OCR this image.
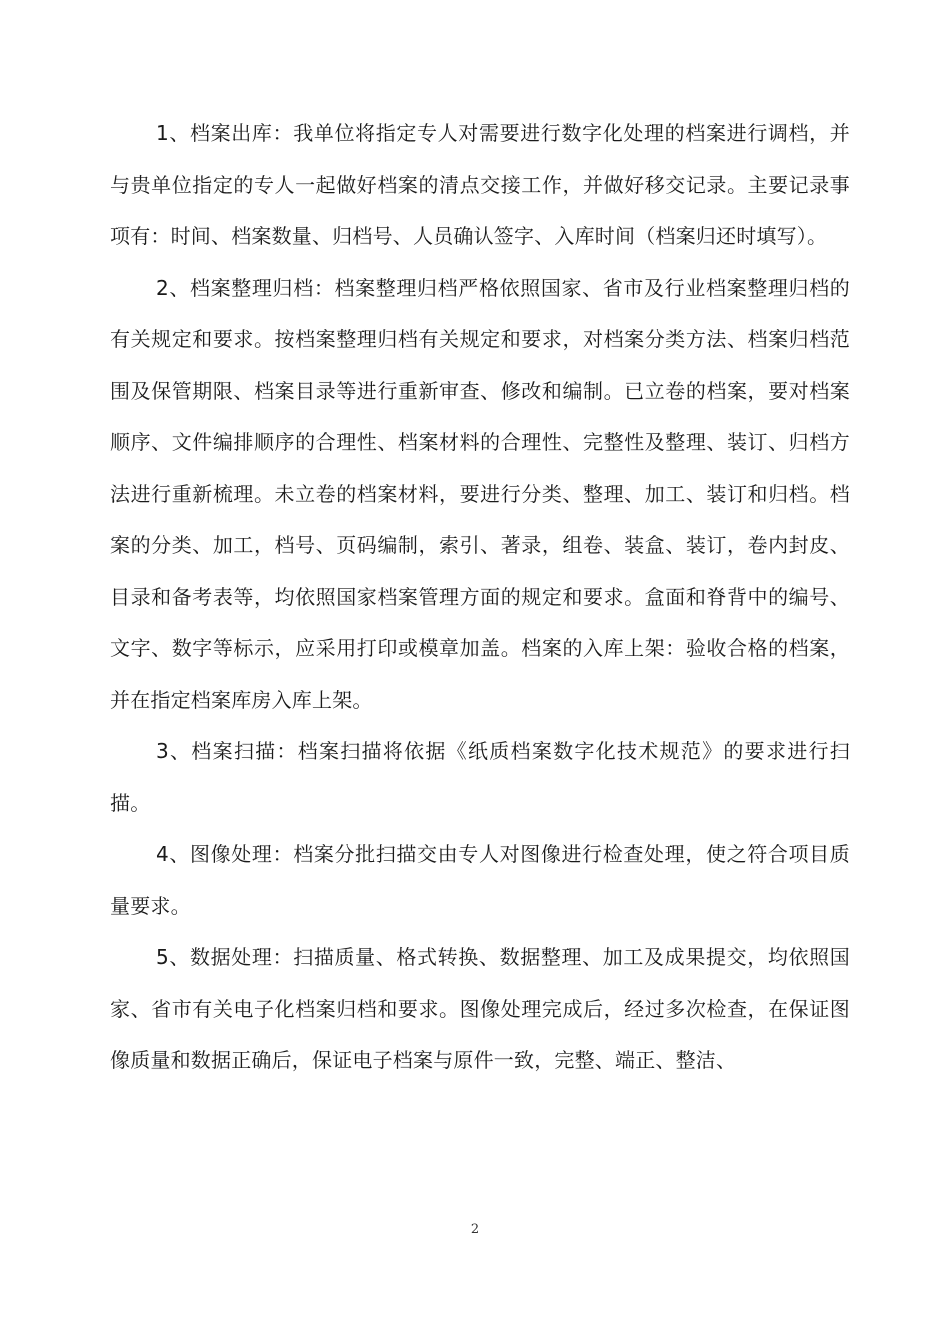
1、档案出库：我单位将指定专人对需要进行数字化处理的档案进行调档，并与贵单位指定的专人一起做好档案的清点交接工作，并做好移交记录。主要记录事项有：时间、档案数量、归档号、人员确认签字、入库时间（档案归还时填写）。

2、档案整理归档：档案整理归档严格依照国家、省市及行业档案整理归档的有关规定和要求。按档案整理归档有关规定和要求，对档案分类方法、档案归档范围及保管期限、档案目录等进行重新审查、修改和编制。已立卷的档案，要对档案顺序、文件编排顺序的合理性、档案材料的合理性、完整性及整理、装订、归档方法进行重新梳理。未立卷的档案材料，要进行分类、整理、加工、装订和归档。档案的分类、加工，档号、页码编制，索引、著录，组卷、装盒、装订，卷内封皮、目录和备考表等，均依照国家档案管理方面的规定和要求。盒面和脊背中的编号、文字、数字等标示，应采用打印或模章加盖。档案的入库上架：验收合格的档案，并在指定档案库房入库上架。

3、档案扫描：档案扫描将依据《纸质档案数字化技术规范》的要求进行扫描。

4、图像处理：档案分批扫描交由专人对图像进行检查处理，使之符合项目质量要求。

5、数据处理：扫描质量、格式转换、数据整理、加工及成果提交，均依照国家、省市有关电子化档案归档和要求。图像处理完成后，经过多次检查，在保证图像质量和数据正确后，保证电子档案与原件一致，完整、端正、整洁、

2
